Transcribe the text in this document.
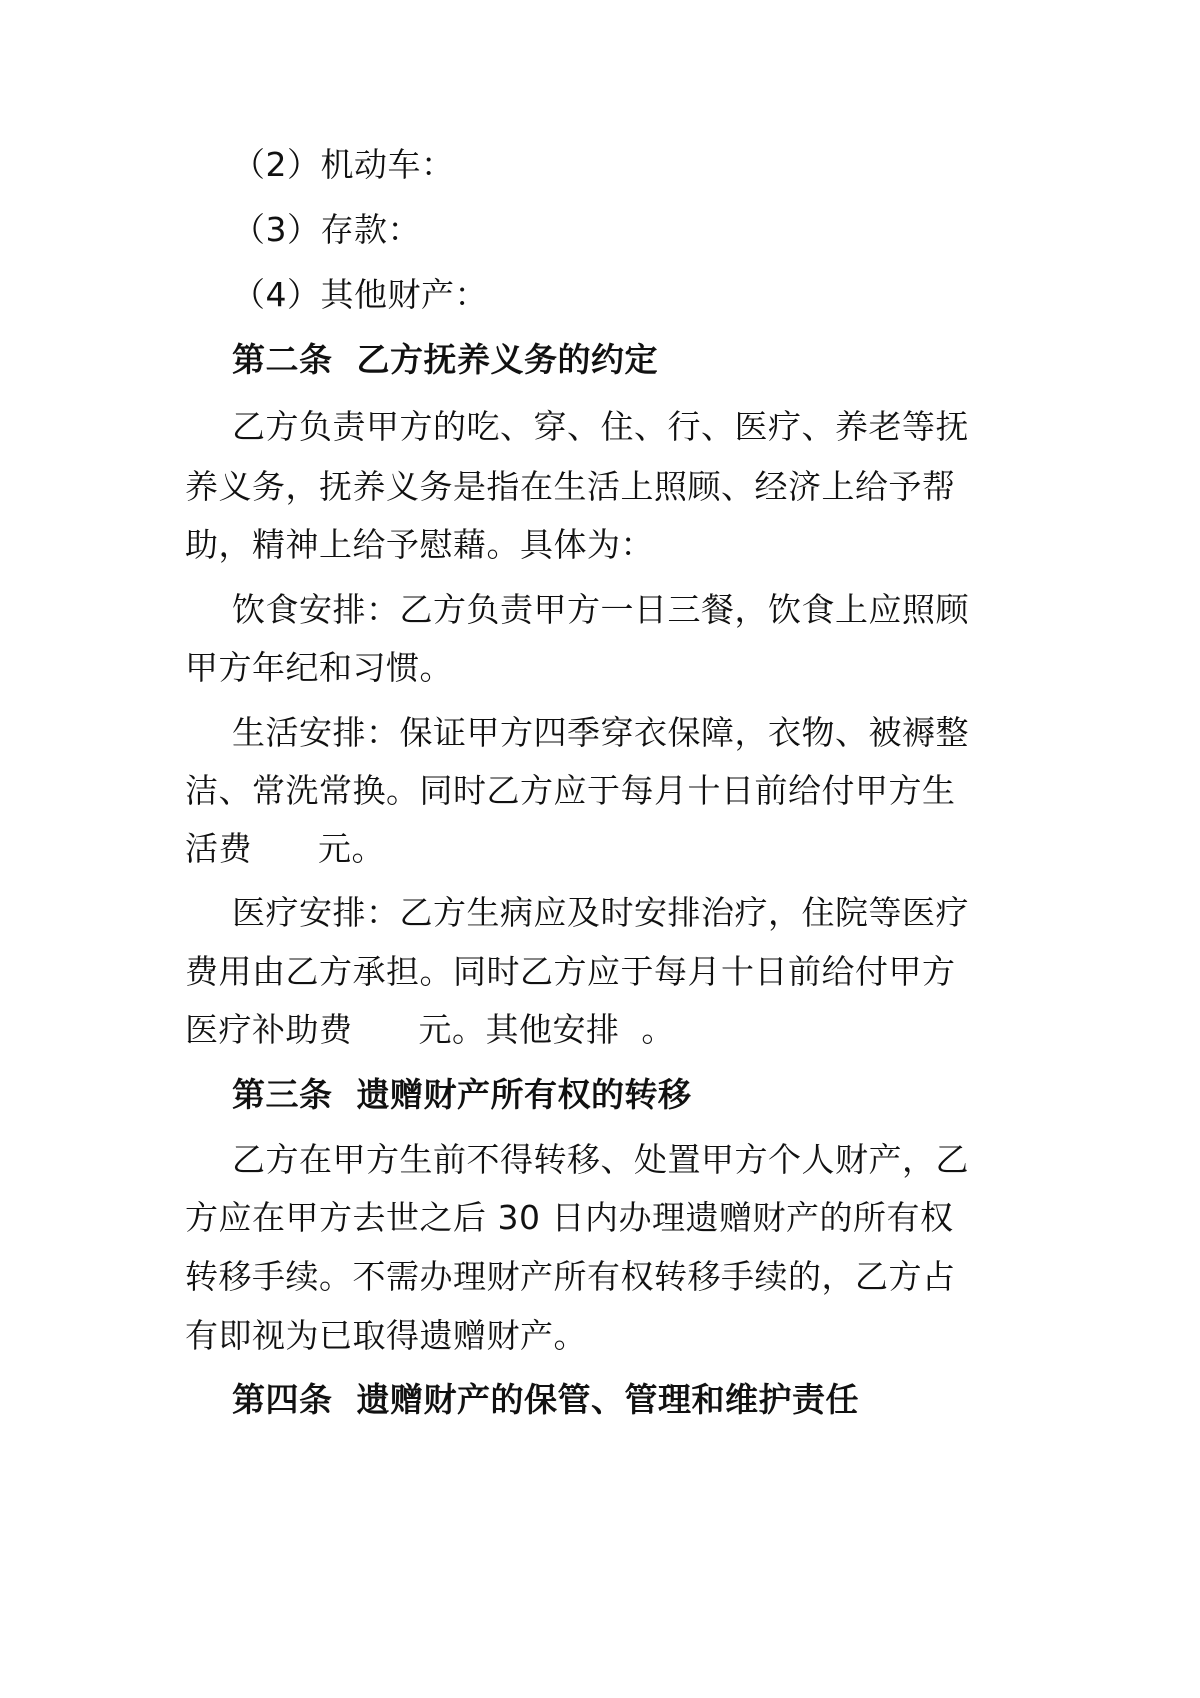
（2）机动车：
（3）存款：
（4）其他财产：
第二条  乙方抚养义务的约定
乙方负责甲方的吃、穿、住、行、医疗、养老等抚
养义务，抚养义务是指在生活上照顾、经济上给予帮
助，精神上给予慰藉。具体为：
饮食安排：乙方负责甲方一日三餐，饮食上应照顾
甲方年纪和习惯。
生活安排：保证甲方四季穿衣保障，衣物、被褥整
洁、常洗常换。同时乙方应于每月十日前给付甲方生
活费      元。
医疗安排：乙方生病应及时安排治疗，住院等医疗
费用由乙方承担。同时乙方应于每月十日前给付甲方
医疗补助费      元。其他安排  。
第三条  遗赠财产所有权的转移
乙方在甲方生前不得转移、处置甲方个人财产，乙
方应在甲方去世之后 30 日内办理遗赠财产的所有权
转移手续。不需办理财产所有权转移手续的，乙方占
有即视为已取得遗赠财产。
第四条  遗赠财产的保管、管理和维护责任
